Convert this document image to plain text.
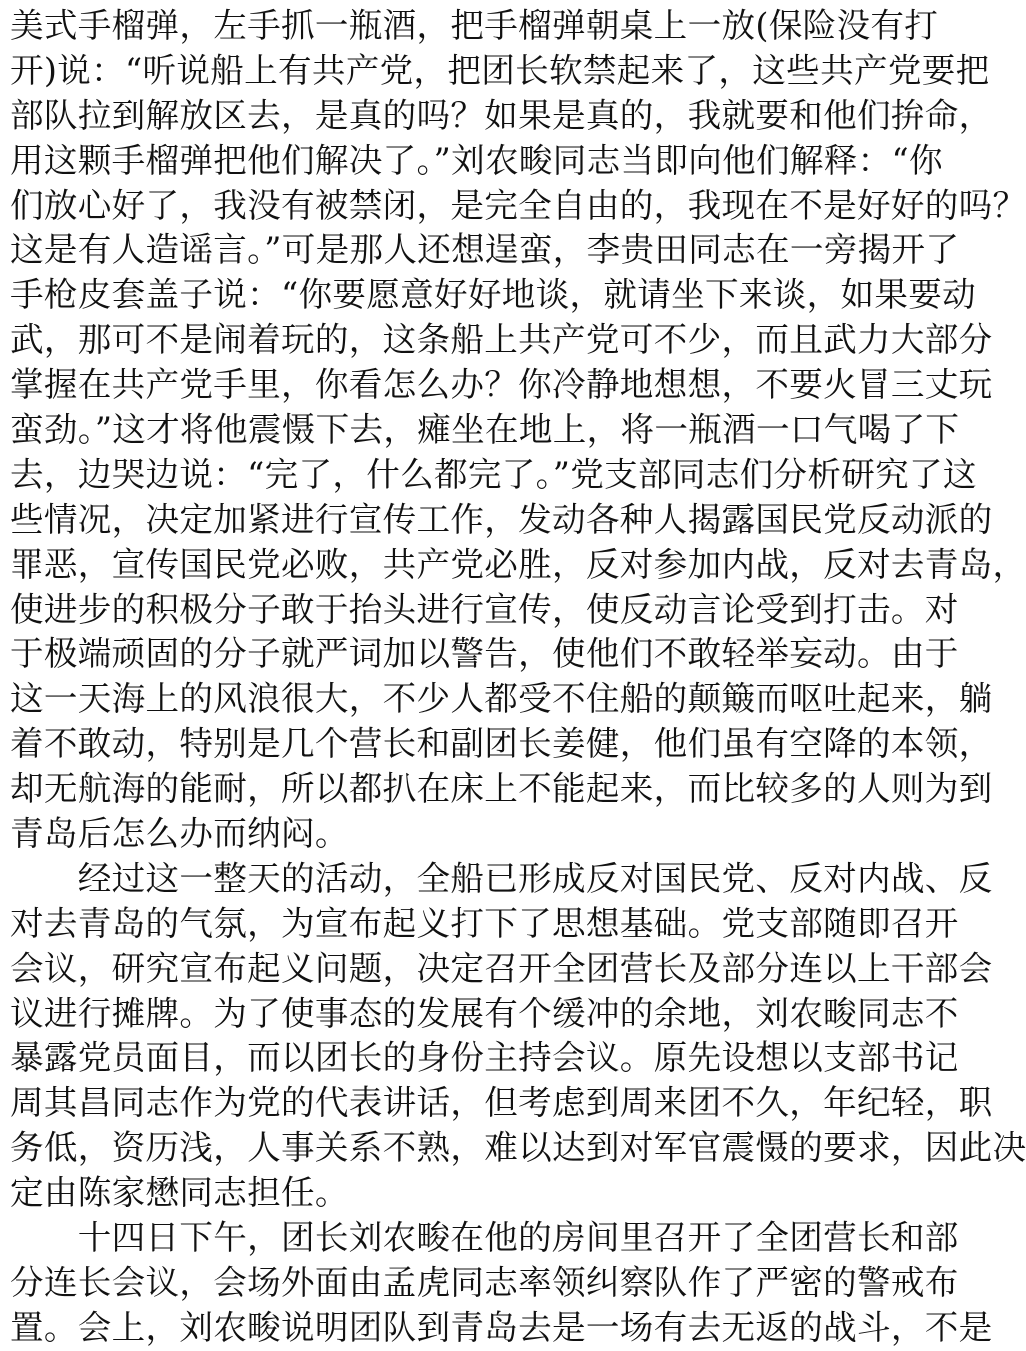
美式手榴弹，左手抓一瓶酒，把手榴弹朝桌上一放(保险没有打
开)说：“听说船上有共产党，把团长软禁起来了，这些共产党要把
部队拉到解放区去，是真的吗？如果是真的，我就要和他们拚命，
用这颗手榴弹把他们解决了。”刘农畯同志当即向他们解释：“你
们放心好了，我没有被禁闭，是完全自由的，我现在不是好好的吗？
这是有人造谣言。”可是那人还想逞蛮，李贵田同志在一旁揭开了
手枪皮套盖子说：“你要愿意好好地谈，就请坐下来谈，如果要动
武，那可不是闹着玩的，这条船上共产党可不少，而且武力大部分
掌握在共产党手里，你看怎么办？你冷静地想想，不要火冒三丈玩
蛮劲。”这才将他震慑下去，瘫坐在地上，将一瓶酒一口气喝了下
去，边哭边说：“完了，什么都完了。”党支部同志们分析研究了这
些情况，决定加紧进行宣传工作，发动各种人揭露国民党反动派的
罪恶，宣传国民党必败，共产党必胜，反对参加内战，反对去青岛，
使进步的积极分子敢于抬头进行宣传，使反动言论受到打击。对
于极端顽固的分子就严词加以警告，使他们不敢轻举妄动。由于
这一天海上的风浪很大，不少人都受不住船的颠簸而呕吐起来，躺
着不敢动，特别是几个营长和副团长姜健，他们虽有空降的本领，
却无航海的能耐，所以都扒在床上不能起来，而比较多的人则为到
青岛后怎么办而纳闷。
　　经过这一整天的活动，全船已形成反对国民党、反对内战、反
对去青岛的气氛，为宣布起义打下了思想基础。党支部随即召开
会议，研究宣布起义问题，决定召开全团营长及部分连以上干部会
议进行摊牌。为了使事态的发展有个缓冲的余地，刘农畯同志不
暴露党员面目，而以团长的身份主持会议。原先设想以支部书记
周其昌同志作为党的代表讲话，但考虑到周来团不久，年纪轻，职
务低，资历浅，人事关系不熟，难以达到对军官震慑的要求，因此决
定由陈家懋同志担任。
　　十四日下午，团长刘农畯在他的房间里召开了全团营长和部
分连长会议，会场外面由孟虎同志率领纠察队作了严密的警戒布
置。会上，刘农畯说明团队到青岛去是一场有去无返的战斗，不是
